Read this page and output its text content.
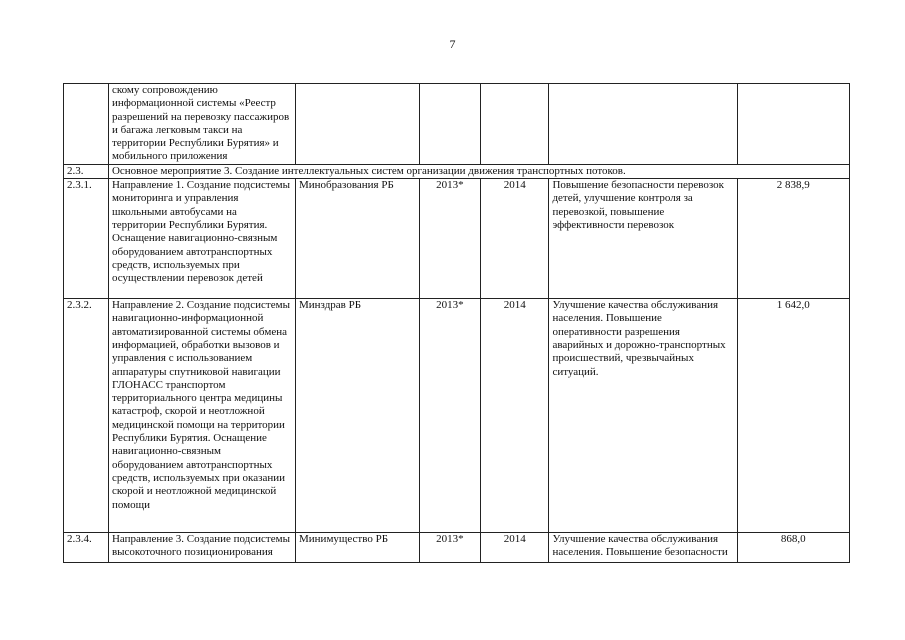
7
	скому сопровождению информационной системы «Реестр разрешений на перевозку пассажиров и багажа легковым такси на территории Республики Бурятия» и мобильного приложения					
2.3.	Основное мероприятие 3. Создание интеллектуальных систем организации движения транспортных потоков.					
2.3.1.	Направление 1. Создание подсистемы мониторинга и управления школьными автобусами на территории Республики Бурятия. Оснащение навигационно-связным оборудованием автотранспортных средств, используемых при осуществлении перевозок детей	Минобразования РБ	2013*	2014	Повышение безопасности перевозок детей, улучшение контроля за перевозкой, повышение эффективности перевозок	2 838,9
2.3.2.	Направление 2. Создание подсистемы навигационно-информационной автоматизированной системы обмена информацией, обработки вызовов и управления с использованием аппаратуры спутниковой навигации ГЛОНАСС транспортом территориального центра медицины катастроф, скорой и неотложной медицинской помощи на территории Республики Бурятия. Оснащение навигационно-связным оборудованием автотранспортных средств, используемых при оказании скорой и неотложной медицинской помощи	Минздрав РБ	2013*	2014	Улучшение качества обслуживания населения. Повышение оперативности разрешения аварийных и дорожно-транспортных происшествий, чрезвычайных ситуаций.	1 642,0
2.3.4.	Направление 3. Создание подсистемы высокоточного позиционирования	Минимущество РБ	2013*	2014	Улучшение качества обслуживания населения. Повышение безопасности	868,0
